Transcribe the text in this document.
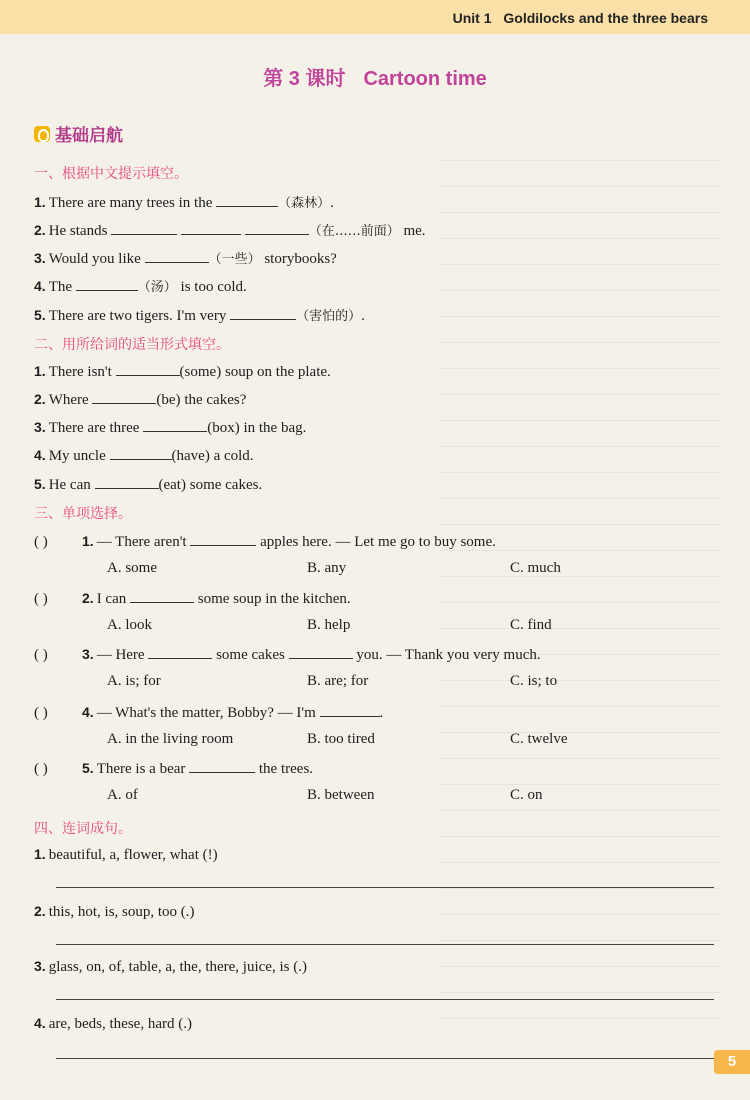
Unit 1 Goldilocks and the three bears
第 3 课时 Cartoon time
基础启航
一、根据中文提示填空。
1. There are many trees in the	（森林）.
2. He stands	（在……前面） me.
3. Would you like	（一些） storybooks?
4. The	（汤） is too cold.
5. There are two tigers. I'm very	（害怕的）.
二、用所给词的适当形式填空。
1. There isn't	(some) soup on the plate.
2. Where	(be) the cakes?
3. There are three	(box) in the bag.
4. My uncle	(have) a cold.
5. He can	(eat) some cakes.
三、单项选择。
( ) 1. — There aren't	apples here. — Let me go to buy some.
A. some	B. any	C. much
( ) 2. I can	some soup in the kitchen.
A. look	B. help	C. find
( ) 3. — Here	some cakes	you. — Thank you very much.
A. is; for	B. are; for	C. is; to
( ) 4. — What's the matter, Bobby? — I'm	.
A. in the living room	B. too tired	C. twelve
( ) 5. There is a bear	the trees.
A. of	B. between	C. on
四、连词成句。
1. beautiful, a, flower, what (!)
2. this, hot, is, soup, too (.)
3. glass, on, of, table, a, the, there, juice, is (.)
4. are, beds, these, hard (.)
5
